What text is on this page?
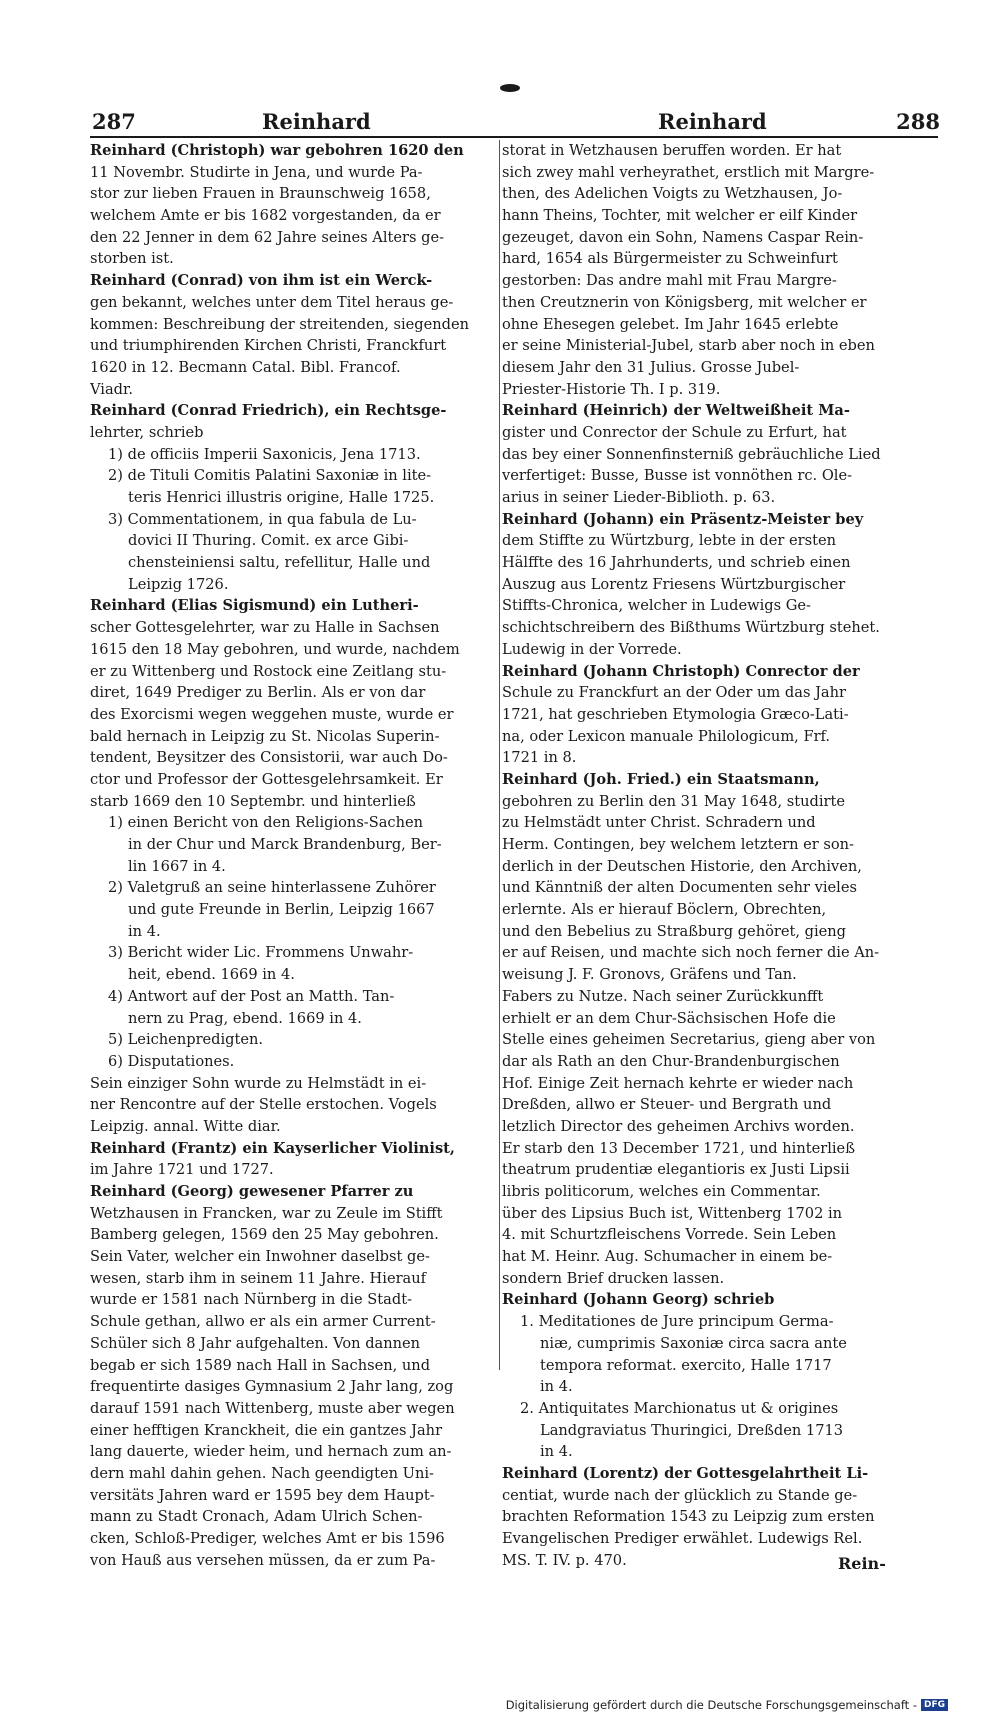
287	Reinhard	Reinhard	288
Reinhard (Christoph) war gebohren 1620 den
11 Novembr. Studirte in Jena, und wurde Pa-
stor zur lieben Frauen in Braunschweig 1658,
welchem Amte er bis 1682 vorgestanden, da er
den 22 Jenner in dem 62 Jahre seines Alters ge-
storben ist.
Reinhard (Conrad) von ihm ist ein Werck-
gen bekannt, welches unter dem Titel heraus ge-
kommen: Beschreibung der streitenden, siegenden
und triumphirenden Kirchen Christi, Franckfurt
1620 in 12. Becmann Catal. Bibl. Francof.
Viadr.
Reinhard (Conrad Friedrich), ein Rechtsge-
lehrter, schrieb
1) de officiis Imperii Saxonicis, Jena 1713.
2) de Tituli Comitis Palatini Saxoniæ in lite-
teris Henrici illustris origine, Halle 1725.
3) Commentationem, in qua fabula de Lu-
dovici II Thuring. Comit. ex arce Gibi-
chensteiniensi saltu, refellitur, Halle und
Leipzig 1726.
Reinhard (Elias Sigismund) ein Lutheri-
scher Gottesgelehrter, war zu Halle in Sachsen
1615 den 18 May gebohren, und wurde, nachdem
er zu Wittenberg und Rostock eine Zeitlang stu-
diret, 1649 Prediger zu Berlin. Als er von dar
des Exorcismi wegen weggehen muste, wurde er
bald hernach in Leipzig zu St. Nicolas Superin-
tendent, Beysitzer des Consistorii, war auch Do-
ctor und Professor der Gottesgelehrsamkeit. Er
starb 1669 den 10 Septembr. und hinterließ
1) einen Bericht von den Religions-Sachen
in der Chur und Marck Brandenburg, Ber-
lin 1667 in 4.
2) Valetgruß an seine hinterlassene Zuhörer
und gute Freunde in Berlin, Leipzig 1667
in 4.
3) Bericht wider Lic. Frommens Unwahr-
heit, ebend. 1669 in 4.
4) Antwort auf der Post an Matth. Tan-
nern zu Prag, ebend. 1669 in 4.
5) Leichenpredigten.
6) Disputationes.
Sein einziger Sohn wurde zu Helmstädt in ei-
ner Rencontre auf der Stelle erstochen. Vogels
Leipzig. annal. Witte diar.
Reinhard (Frantz) ein Kayserlicher Violinist,
im Jahre 1721 und 1727.
Reinhard (Georg) gewesener Pfarrer zu
Wetzhausen in Francken, war zu Zeule im Stifft
Bamberg gelegen, 1569 den 25 May gebohren.
Sein Vater, welcher ein Inwohner daselbst ge-
wesen, starb ihm in seinem 11 Jahre. Hierauf
wurde er 1581 nach Nürnberg in die Stadt-
Schule gethan, allwo er als ein armer Current-
Schüler sich 8 Jahr aufgehalten. Von dannen
begab er sich 1589 nach Hall in Sachsen, und
frequentirte dasiges Gymnasium 2 Jahr lang, zog
darauf 1591 nach Wittenberg, muste aber wegen
einer hefftigen Kranckheit, die ein gantzes Jahr
lang dauerte, wieder heim, und hernach zum an-
dern mahl dahin gehen. Nach geendigten Uni-
versitäts Jahren ward er 1595 bey dem Haupt-
mann zu Stadt Cronach, Adam Ulrich Schen-
cken, Schloß-Prediger, welches Amt er bis 1596
von Hauß aus versehen müssen, da er zum Pa-
storat in Wetzhausen beruffen worden. Er hat
sich zwey mahl verheyrathet, erstlich mit Margre-
then, des Adelichen Voigts zu Wetzhausen, Jo-
hann Theins, Tochter, mit welcher er eilf Kinder
gezeuget, davon ein Sohn, Namens Caspar Rein-
hard, 1654 als Bürgermeister zu Schweinfurt
gestorben: Das andre mahl mit Frau Margre-
then Creutznerin von Königsberg, mit welcher er
ohne Ehesegen gelebet. Im Jahr 1645 erlebte
er seine Ministerial-Jubel, starb aber noch in eben
diesem Jahr den 31 Julius. Grosse Jubel-
Priester-Historie Th. I p. 319.
Reinhard (Heinrich) der Weltweißheit Ma-
gister und Conrector der Schule zu Erfurt, hat
das bey einer Sonnenfinsterniß gebräuchliche Lied
verfertiget: Busse, Busse ist vonnöthen rc. Ole-
arius in seiner Lieder-Biblioth. p. 63.
Reinhard (Johann) ein Präsentz-Meister bey
dem Stiffte zu Würtzburg, lebte in der ersten
Hälffte des 16 Jahrhunderts, und schrieb einen
Auszug aus Lorentz Friesens Würtzburgischer
Stiffts-Chronica, welcher in Ludewigs Ge-
schichtschreibern des Bißthums Würtzburg stehet.
Ludewig in der Vorrede.
Reinhard (Johann Christoph) Conrector der
Schule zu Franckfurt an der Oder um das Jahr
1721, hat geschrieben Etymologia Græco-Lati-
na, oder Lexicon manuale Philologicum, Frf.
1721 in 8.
Reinhard (Joh. Fried.) ein Staatsmann,
gebohren zu Berlin den 31 May 1648, studirte
zu Helmstädt unter Christ. Schradern und
Herm. Contingen, bey welchem letztern er son-
derlich in der Deutschen Historie, den Archiven,
und Känntniß der alten Documenten sehr vieles
erlernte. Als er hierauf Böclern, Obrechten,
und den Bebelius zu Straßburg gehöret, gieng
er auf Reisen, und machte sich noch ferner die An-
weisung J. F. Gronovs, Gräfens und Tan.
Fabers zu Nutze. Nach seiner Zurückkunfft
erhielt er an dem Chur-Sächsischen Hofe die
Stelle eines geheimen Secretarius, gieng aber von
dar als Rath an den Chur-Brandenburgischen
Hof. Einige Zeit hernach kehrte er wieder nach
Dreßden, allwo er Steuer- und Bergrath und
letzlich Director des geheimen Archivs worden.
Er starb den 13 December 1721, und hinterließ
theatrum prudentiæ elegantioris ex Justi Lipsii
libris politicorum, welches ein Commentar.
über des Lipsius Buch ist, Wittenberg 1702 in
4. mit Schurtzfleischens Vorrede. Sein Leben
hat M. Heinr. Aug. Schumacher in einem be-
sondern Brief drucken lassen.
Reinhard (Johann Georg) schrieb
1. Meditationes de Jure principum Germa-
niæ, cumprimis Saxoniæ circa sacra ante
tempora reformat. exercito, Halle 1717
in 4.
2. Antiquitates Marchionatus ut & origines
Landgraviatus Thuringici, Dreßden 1713
in 4.
Reinhard (Lorentz) der Gottesgelahrtheit Li-
centiat, wurde nach der glücklich zu Stande ge-
brachten Reformation 1543 zu Leipzig zum ersten
Evangelischen Prediger erwählet. Ludewigs Rel.
MS. T. IV. p. 470.	Rein-
Digitalisierung gefördert durch die Deutsche Forschungsgemeinschaft - DFG
